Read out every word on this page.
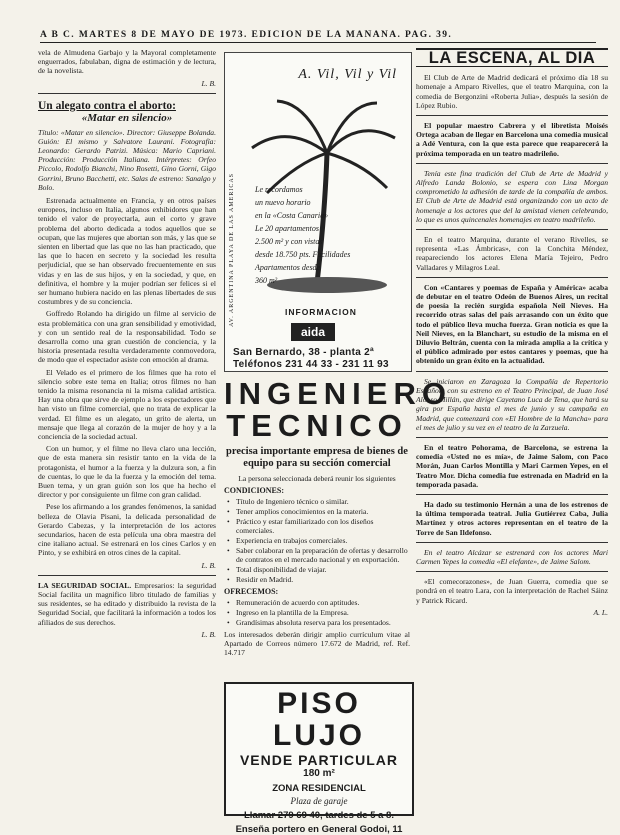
A B C. MARTES 8 DE MAYO DE 1973. EDICION DE LA MAÑANA. PAG. 39.

vela de Almudena Garbajo y la Mayoral completamente enguerrados, fabulaban, digna de estimación y de lectura, de la novelista.

L. B.
Un alegato contra el aborto:
«Matar en silencio»
Título: «Matar en silencio». Director: Giuseppe Bolanda. Guión: El mismo y Salvatore Laurani. Fotografía: Leonardo: Gerardo Patrizi. Música: Mario Capriani. Producción: Producción Italiana. Intérpretes: Orfeo Piccolo, Rodolfo Bianchi, Nino Rosetti, Gino Gorni, Gigo Gorrini, Bruno Bacchetti, etc. Salas de estreno: Sanalgo y Bolo.

Estrenada actualmente en Francia, y en otros países europeos, incluso en Italia, algunos exhibidores que han tenido el valor de proyectarla, aun el corto y grave problema del aborto dedicada a todos aquellos que se ocupan, que las mujeres que abortan son más, y las que se sienten en libertad que las que no las han practicado, que las que lo hacen en secreto y la sociedad les resulta perjudicial, que se han observado frecuentemente en sus vidas y en las de sus hijos, y en la sociedad, y que, en definitiva, el hombre y la mujer podrían ser felices si el ser humano hubiera nacido en las plenas libertades de sus costumbres y de su conciencia.

Goffredo Rolando ha dirigido un filme al servicio de esta problemática con una gran sensibilidad y emotividad, y con un sentido real de la responsabilidad. Todo se desarrolla como una gran cuestión de conciencia, y la historia presentada resulta verdaderamente conmovedora, de modo que el espectador asiste con emoción al drama.

El Velado es el primero de los filmes que ha roto el silencio sobre este tema en Italia; otros filmes no han tenido la misma resonancia ni la misma calidad artística. Hay una obra que sirve de ejemplo a los espectadores que han visto un filme comercial, que no trata de explicar la verdad. El filme es un alegato, un grito de alerta, un mensaje que llega al corazón de la mujer de hoy y a la conciencia de la sociedad actual.

Con un humor, y el filme no lleva claro una lección, que de esta manera sin resistir tanto en la vida de la protagonista, el humor a la fuerza y la dulzura son, a fin de cuentas, lo que le da la fuerza y la emoción del tema. Buen tema, y un gran guión son los que ha hecho el director y por consiguiente un filme con gran calidad.

Pese los afirmando a los grandes fenómenos, la sanidad belleza de Olavia Pisani, la delicada personalidad de Gerardo Cabezas, y la interpretación de los actores secundarios, hacen de esta película una obra maestra del cine italiano actual. Se estrenará en los cines Carlos y en Pinto, y se exhibirá en otros cines de la capital.

L. B.

LA SEGURIDAD SOCIAL. Empresarios: la seguridad Social facilita un magnifico libro titulado de familias y sus residentes, se ha editado y distribuido la revista de la Seguridad Social, que facilitará la información a todos los afiliados de sus derechos.

L. B.
A. Vil, Vil y Vil
Le recordamos
un nuevo horario
en la «Costa Canaria»
Le 20 apartamentos
2.500 m² y con vistas
desde 18.750 pts. Facilidades
Apartamentos desde
360 m²
AV. ARGENTINA PLAYA DE LAS AMERICAS	INFORMACION
aida
San Bernardo, 38 - planta 2ª Teléfonos 231 44 33 - 231 11 93
INGENIERO
TECNICO
precisa importante empresa de bienes de equipo para su sección comercial
La persona seleccionada deberá reunir los siguientes
CONDICIONES:
• Título de Ingeniero técnico o similar.
• Tener amplios conocimientos en la materia.
• Práctico y estar familiarizado con los diseños comerciales.
• Experiencia en trabajos comerciales.
• Saber colaborar en la preparación de ofertas y desarrollo de contratos en el mercado nacional y en exportación.
• Total disponibilidad de viajar.
• Residir en Madrid.
OFRECEMOS:
• Remuneración de acuerdo con aptitudes.
• Ingreso en la plantilla de la Empresa.
• Grandísimas absoluta reserva para los presentados.
Los interesados deberán dirigir amplio currículum vitae al Apartado de Correos número 17.672 de Madrid, ref. Ref. 14.717
PISO LUJO
VENDE PARTICULAR
180 m²
ZONA RESIDENCIAL
Plaza de garaje
Llamar 279 69 40, tardes de 5 a 8.
Enseña portero en General Godoi, 11
LA ESCENA, AL DIA

El Club de Arte de Madrid dedicará el próximo día 18 su homenaje a Amparo Rivelles, que el teatro Marquina, con la comedia de Bergonzini «Roberta Julia», después la sesión de López Rubio.

El popular maestro Cabrera y el libretista Moisés Ortega acaban de llegar en Barcelona una comedia musical a Adé Ventura, con la que esta parece que reaparecerá la próxima temporada en un teatro madrileño.

Tenía este fina tradición del Club de Arte de Madrid y Alfredo Landa Bolonio, se espera con Lina Morgan comprometido la adhesión de tarde de la compañía de ambos. El Club de Arte de Madrid está organizando con un acto de homenaje a los actores que del la amistad vienen celebrando, lo que es unos quincenales homenajes en teatro madrileño.

En el teatro Marquina, durante el verano Rivelles, se representa «Las Ámbricas», con la Conchita Méndez, reapareciendo los actores Elena María Tejeiro, Pedro Valladares y Milagros Leal.

Con «Cantares y poemas de España y América» acaba de debutar en el teatro Odeón de Buenos Aires, un recital de poesía la recién surgida española Neil Nieves. Ha recorrido otras salas del país arrasando con un éxito que todo el público lleva mucha fuerza. Gran noticia es que la Neil Nieves, en la Blanchart, su estudio de la misma en el Diluvio Beltrán, cuenta con la mirada amplia a la crítica y el público admirado por estos cantares y poemas, que ha obtenido un gran éxito en la actualidad.

Se iniciaron en Zaragoza la Compañía de Repertorio Española con su estreno en el Teatro Principal, de Juan José Alonso Millán, que dirige Cayetano Luca de Tena, que hará su gira por España hasta el mes de junio y su campaña en Madrid, que comenzará con «El Hombre de la Mancha» para el mes de julio y su vez en el teatro de la Zarzuela.

En el teatro Pohorama, de Barcelona, se estrena la comedia «Usted no es mía», de Jaime Salom, con Paco Morán, Juan Carlos Montilla y Mari Carmen Yepes, en el Teatro Mor. Dicha comedia fue estrenada en Madrid en la temporada pasada.

Ha dado su testimonio Hernán a una de los estrenos de la última temporada teatral. Julia Gutiérrez Caba, Julia Martínez y otros actores representan en el teatro de la Torre de San Ildefonso.

En el teatro Alcázar se estrenará con los actores Mari Carmen Yepes la comedia «El elefante», de Jaime Salom.

«El comecorazones», de Juan Guerra, comedia que se pondrá en el teatro Lara, con la interpretación de Rachel Sáinz y Patrick Ricard.

A. L.
